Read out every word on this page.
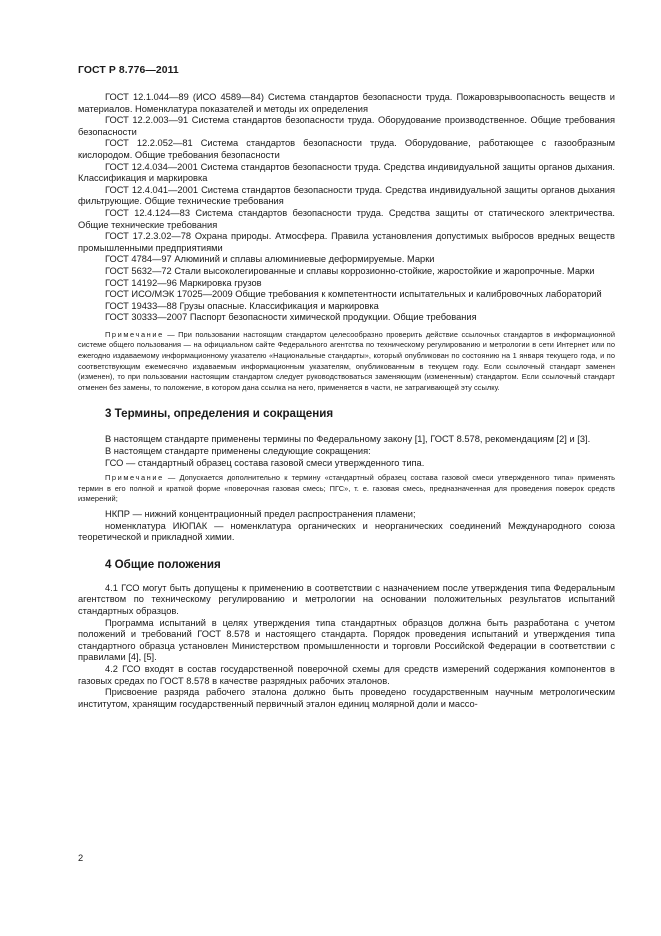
ГОСТ Р 8.776—2011

ГОСТ 12.1.044—89 (ИСО 4589—84) Система стандартов безопасности труда. Пожаровзрывоопасность веществ и материалов. Номенклатура показателей и методы их определения

ГОСТ 12.2.003—91 Система стандартов безопасности труда. Оборудование производственное. Общие требования безопасности

ГОСТ 12.2.052—81 Система стандартов безопасности труда. Оборудование, работающее с газообразным кислородом. Общие требования безопасности

ГОСТ 12.4.034—2001 Система стандартов безопасности труда. Средства индивидуальной защиты органов дыхания. Классификация и маркировка

ГОСТ 12.4.041—2001 Система стандартов безопасности труда. Средства индивидуальной защиты органов дыхания фильтрующие. Общие технические требования

ГОСТ 12.4.124—83 Система стандартов безопасности труда. Средства защиты от статического электричества. Общие технические требования

ГОСТ 17.2.3.02—78 Охрана природы. Атмосфера. Правила установления допустимых выбросов вредных веществ промышленными предприятиями

ГОСТ 4784—97 Алюминий и сплавы алюминиевые деформируемые. Марки

ГОСТ 5632—72 Стали высоколегированные и сплавы коррозионно-стойкие, жаростойкие и жаропрочные. Марки

ГОСТ 14192—96 Маркировка грузов

ГОСТ ИСО/МЭК 17025—2009 Общие требования к компетентности испытательных и калибровочных лабораторий

ГОСТ 19433—88 Грузы опасные. Классификация и маркировка

ГОСТ 30333—2007 Паспорт безопасности химической продукции. Общие требования

Примечание — При пользовании настоящим стандартом целесообразно проверить действие ссылочных стандартов в информационной системе общего пользования — на официальном сайте Федерального агентства по техническому регулированию и метрологии в сети Интернет или по ежегодно издаваемому информационному указателю «Национальные стандарты», который опубликован по состоянию на 1 января текущего года, и по соответствующим ежемесячно издаваемым информационным указателям, опубликованным в текущем году. Если ссылочный стандарт заменен (изменен), то при пользовании настоящим стандартом следует руководствоваться заменяющим (измененным) стандартом. Если ссылочный стандарт отменен без замены, то положение, в котором дана ссылка на него, применяется в части, не затрагивающей эту ссылку.

3 Термины, определения и сокращения

В настоящем стандарте применены термины по Федеральному закону [1], ГОСТ 8.578, рекомендациям [2] и [3].

В настоящем стандарте применены следующие сокращения:

ГСО — стандартный образец состава газовой смеси утвержденного типа.

Примечание — Допускается дополнительно к термину «стандартный образец состава газовой смеси утвержденного типа» применять термин в его полной и краткой форме «поверочная газовая смесь; ПГС», т. е. газовая смесь, предназначенная для проведения поверок средств измерений;

НКПР — нижний концентрационный предел распространения пламени;

номенклатура ИЮПАК — номенклатура органических и неорганических соединений Международного союза теоретической и прикладной химии.

4 Общие положения

4.1 ГСО могут быть допущены к применению в соответствии с назначением после утверждения типа Федеральным агентством по техническому регулированию и метрологии на основании положительных результатов испытаний стандартных образцов.

Программа испытаний в целях утверждения типа стандартных образцов должна быть разработана с учетом положений и требований ГОСТ 8.578 и настоящего стандарта. Порядок проведения испытаний и утверждения типа стандартного образца установлен Министерством промышленности и торговли Российской Федерации в соответствии с правилами [4], [5].

4.2 ГСО входят в состав государственной поверочной схемы для средств измерений содержания компонентов в газовых средах по ГОСТ 8.578 в качестве разрядных рабочих эталонов.

Присвоение разряда рабочего эталона должно быть проведено государственным научным метрологическим институтом, хранящим государственный первичный эталон единиц молярной доли и массо-

2
